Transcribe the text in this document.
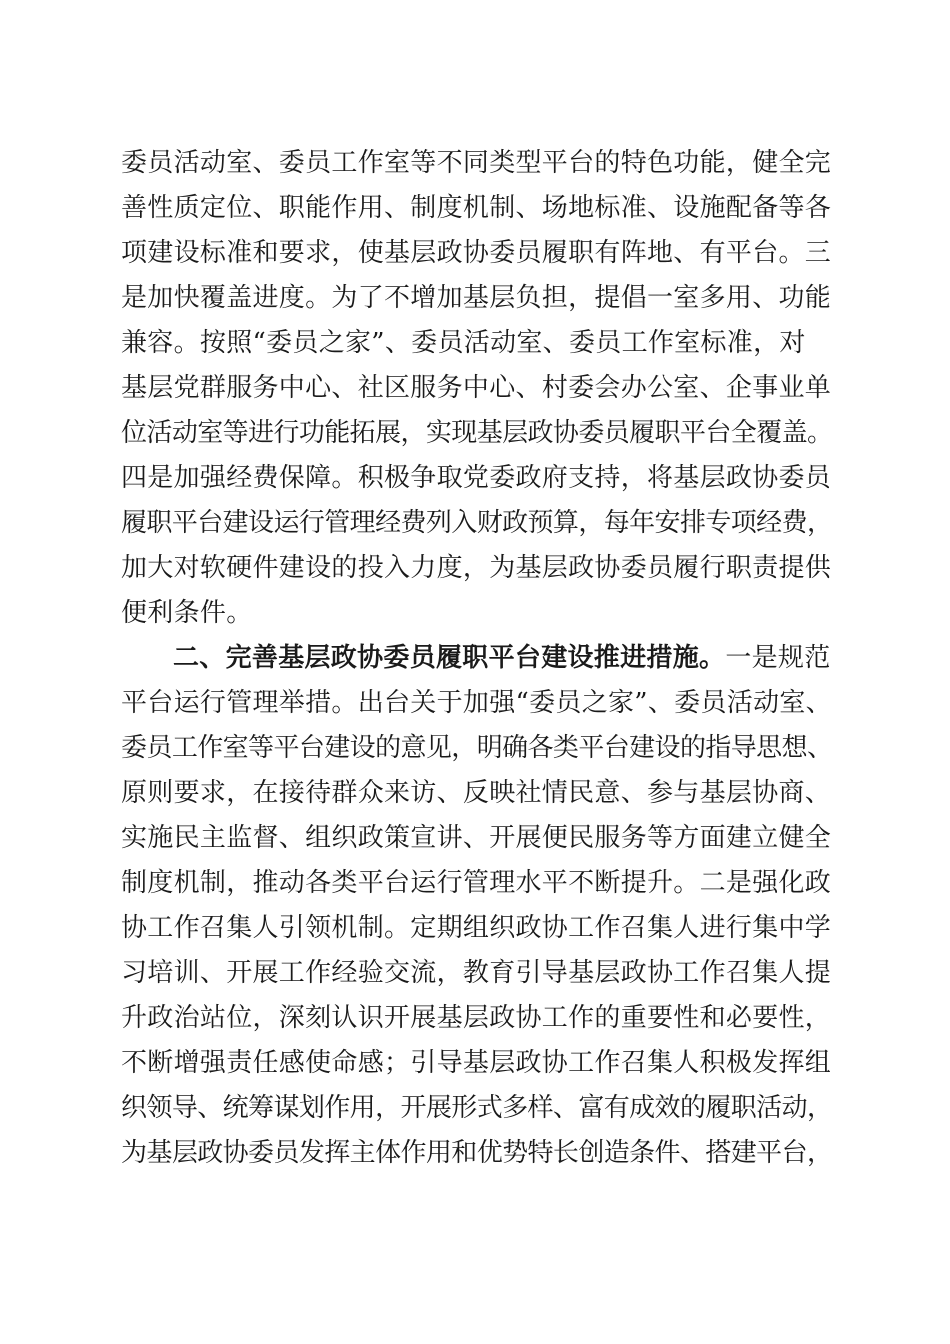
委员活动室、委员工作室等不同类型平台的特色功能，健全完
善性质定位、职能作用、制度机制、场地标准、设施配备等各
项建设标准和要求，使基层政协委员履职有阵地、有平台。三
是加快覆盖进度。为了不增加基层负担，提倡一室多用、功能
兼容。按照“委员之家”、委员活动室、委员工作室标准，对
基层党群服务中心、社区服务中心、村委会办公室、企事业单
位活动室等进行功能拓展，实现基层政协委员履职平台全覆盖。
四是加强经费保障。积极争取党委政府支持，将基层政协委员
履职平台建设运行管理经费列入财政预算，每年安排专项经费，
加大对软硬件建设的投入力度，为基层政协委员履行职责提供
便利条件。
二、完善基层政协委员履职平台建设推进措施。一是规范
平台运行管理举措。出台关于加强“委员之家”、委员活动室、
委员工作室等平台建设的意见，明确各类平台建设的指导思想、
原则要求，在接待群众来访、反映社情民意、参与基层协商、
实施民主监督、组织政策宣讲、开展便民服务等方面建立健全
制度机制，推动各类平台运行管理水平不断提升。二是强化政
协工作召集人引领机制。定期组织政协工作召集人进行集中学
习培训、开展工作经验交流，教育引导基层政协工作召集人提
升政治站位，深刻认识开展基层政协工作的重要性和必要性，
不断增强责任感使命感；引导基层政协工作召集人积极发挥组
织领导、统筹谋划作用，开展形式多样、富有成效的履职活动，
为基层政协委员发挥主体作用和优势特长创造条件、搭建平台，
